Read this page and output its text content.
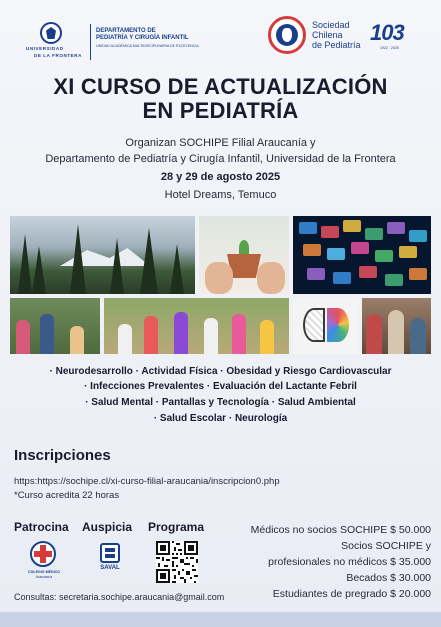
UNIVERSIDAD
DE LA FRONTERA
DEPARTAMENTO DE
PEDIATRÍA Y CIRUGÍA INFANTIL
UNIDAD ACADÉMICA MULTIDISCIPLINARIA DE EXCELENCIA
Sociedad
Chilena
de Pediatría 103
1922 · 2025
XI CURSO DE ACTUALIZACIÓN
EN PEDIATRÍA
Organizan SOCHIPE Filial Araucanía y
Departamento de Pediatría y Cirugía Infantil, Universidad de la Frontera
28 y 29 de agosto 2025
Hotel Dreams, Temuco
· Neurodesarrollo · Actividad Física · Obesidad y Riesgo Cardiovascular
· Infecciones Prevalentes · Evaluación del Lactante Febril
· Salud Mental · Pantallas y Tecnología · Salud Ambiental
· Salud Escolar · Neurología
Inscripciones
https:https://sochipe.cl/xi-curso-filial-araucania/inscripcion0.php
*Curso acredita 22 horas
Patrocina Auspicia Programa
COLEGIO MÉDICO
Araucanía
SAVAL
Médicos no socios SOCHIPE $ 50.000
Socios SOCHIPE y
profesionales no médicos $ 35.000
Becados $ 30.000
Estudiantes de pregrado $ 20.000
Consultas: secretaria.sochipe.araucania@gmail.com
